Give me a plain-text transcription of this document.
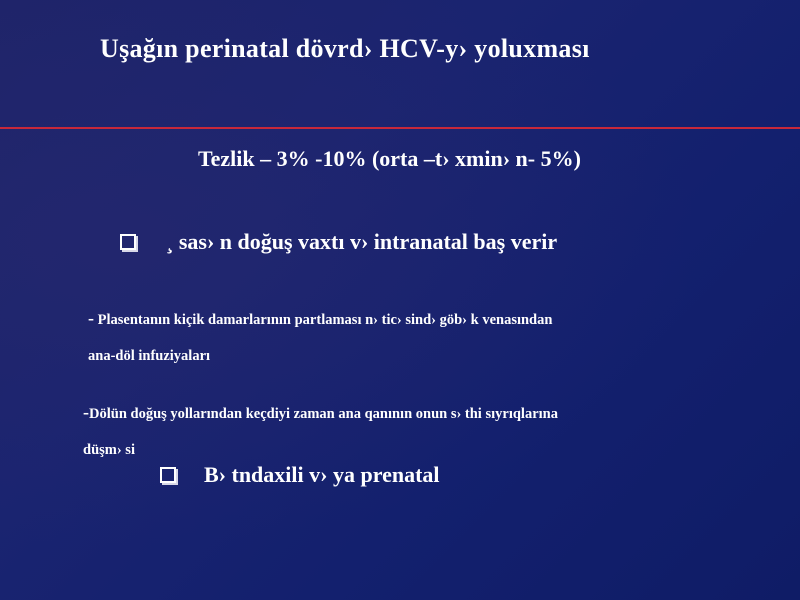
Uşağın perinatal dövrd› HCV-y› yoluxması
Tezlik – 3% -10% (orta –t› xmin› n- 5%)
¸ sas› n doğuş vaxtı v› intranatal baş verir
- Plasentanın kiçik damarlarının partlaması n› tic› sind› göb› k venasından
ana-döl infuziyaları
-Dölün doğuş yollarından keçdiyi zaman ana qanının onun s› thi sıyrıqlarına
düşm› si
B› tndaxili v› ya prenatal
